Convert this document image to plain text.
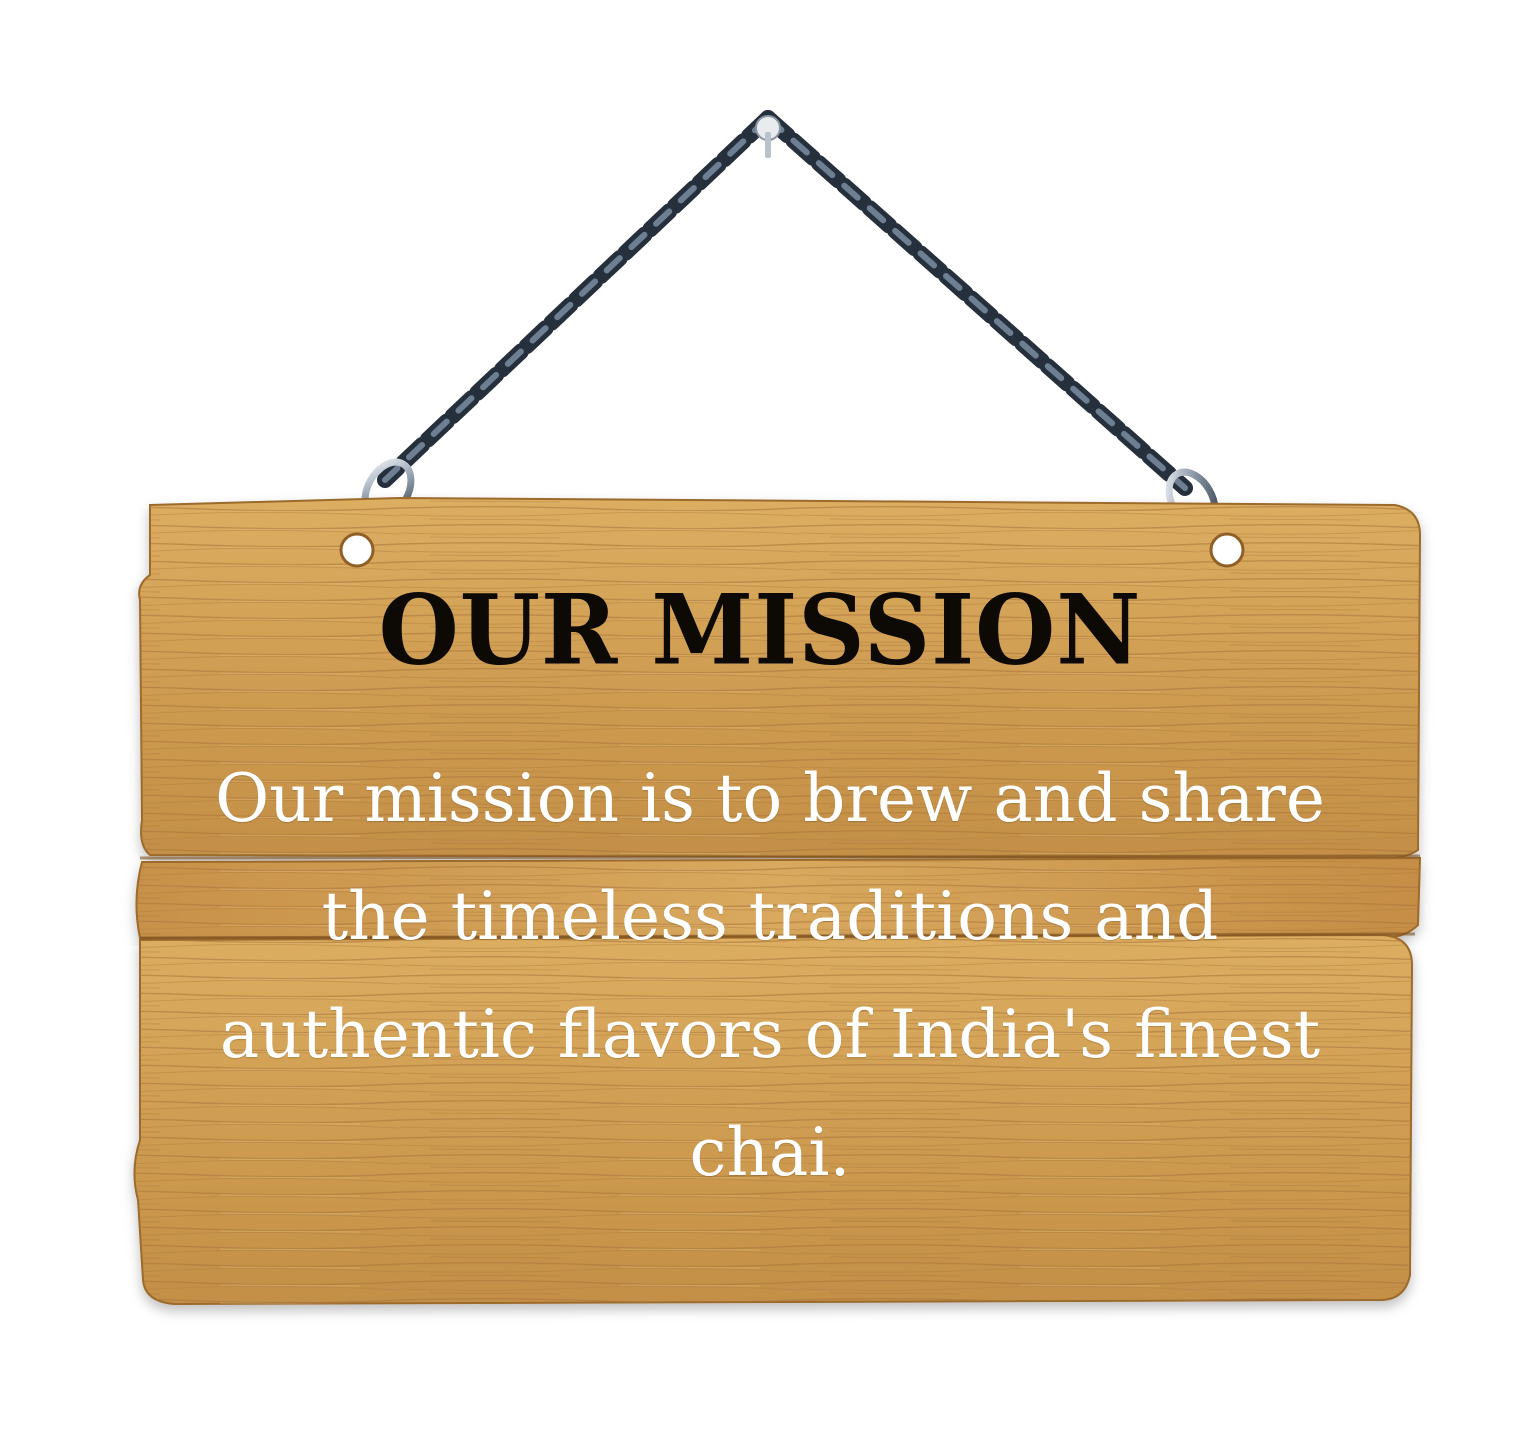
OUR MISSION
Our mission is to brew and share the timeless traditions and authentic flavors of India's finest chai.
